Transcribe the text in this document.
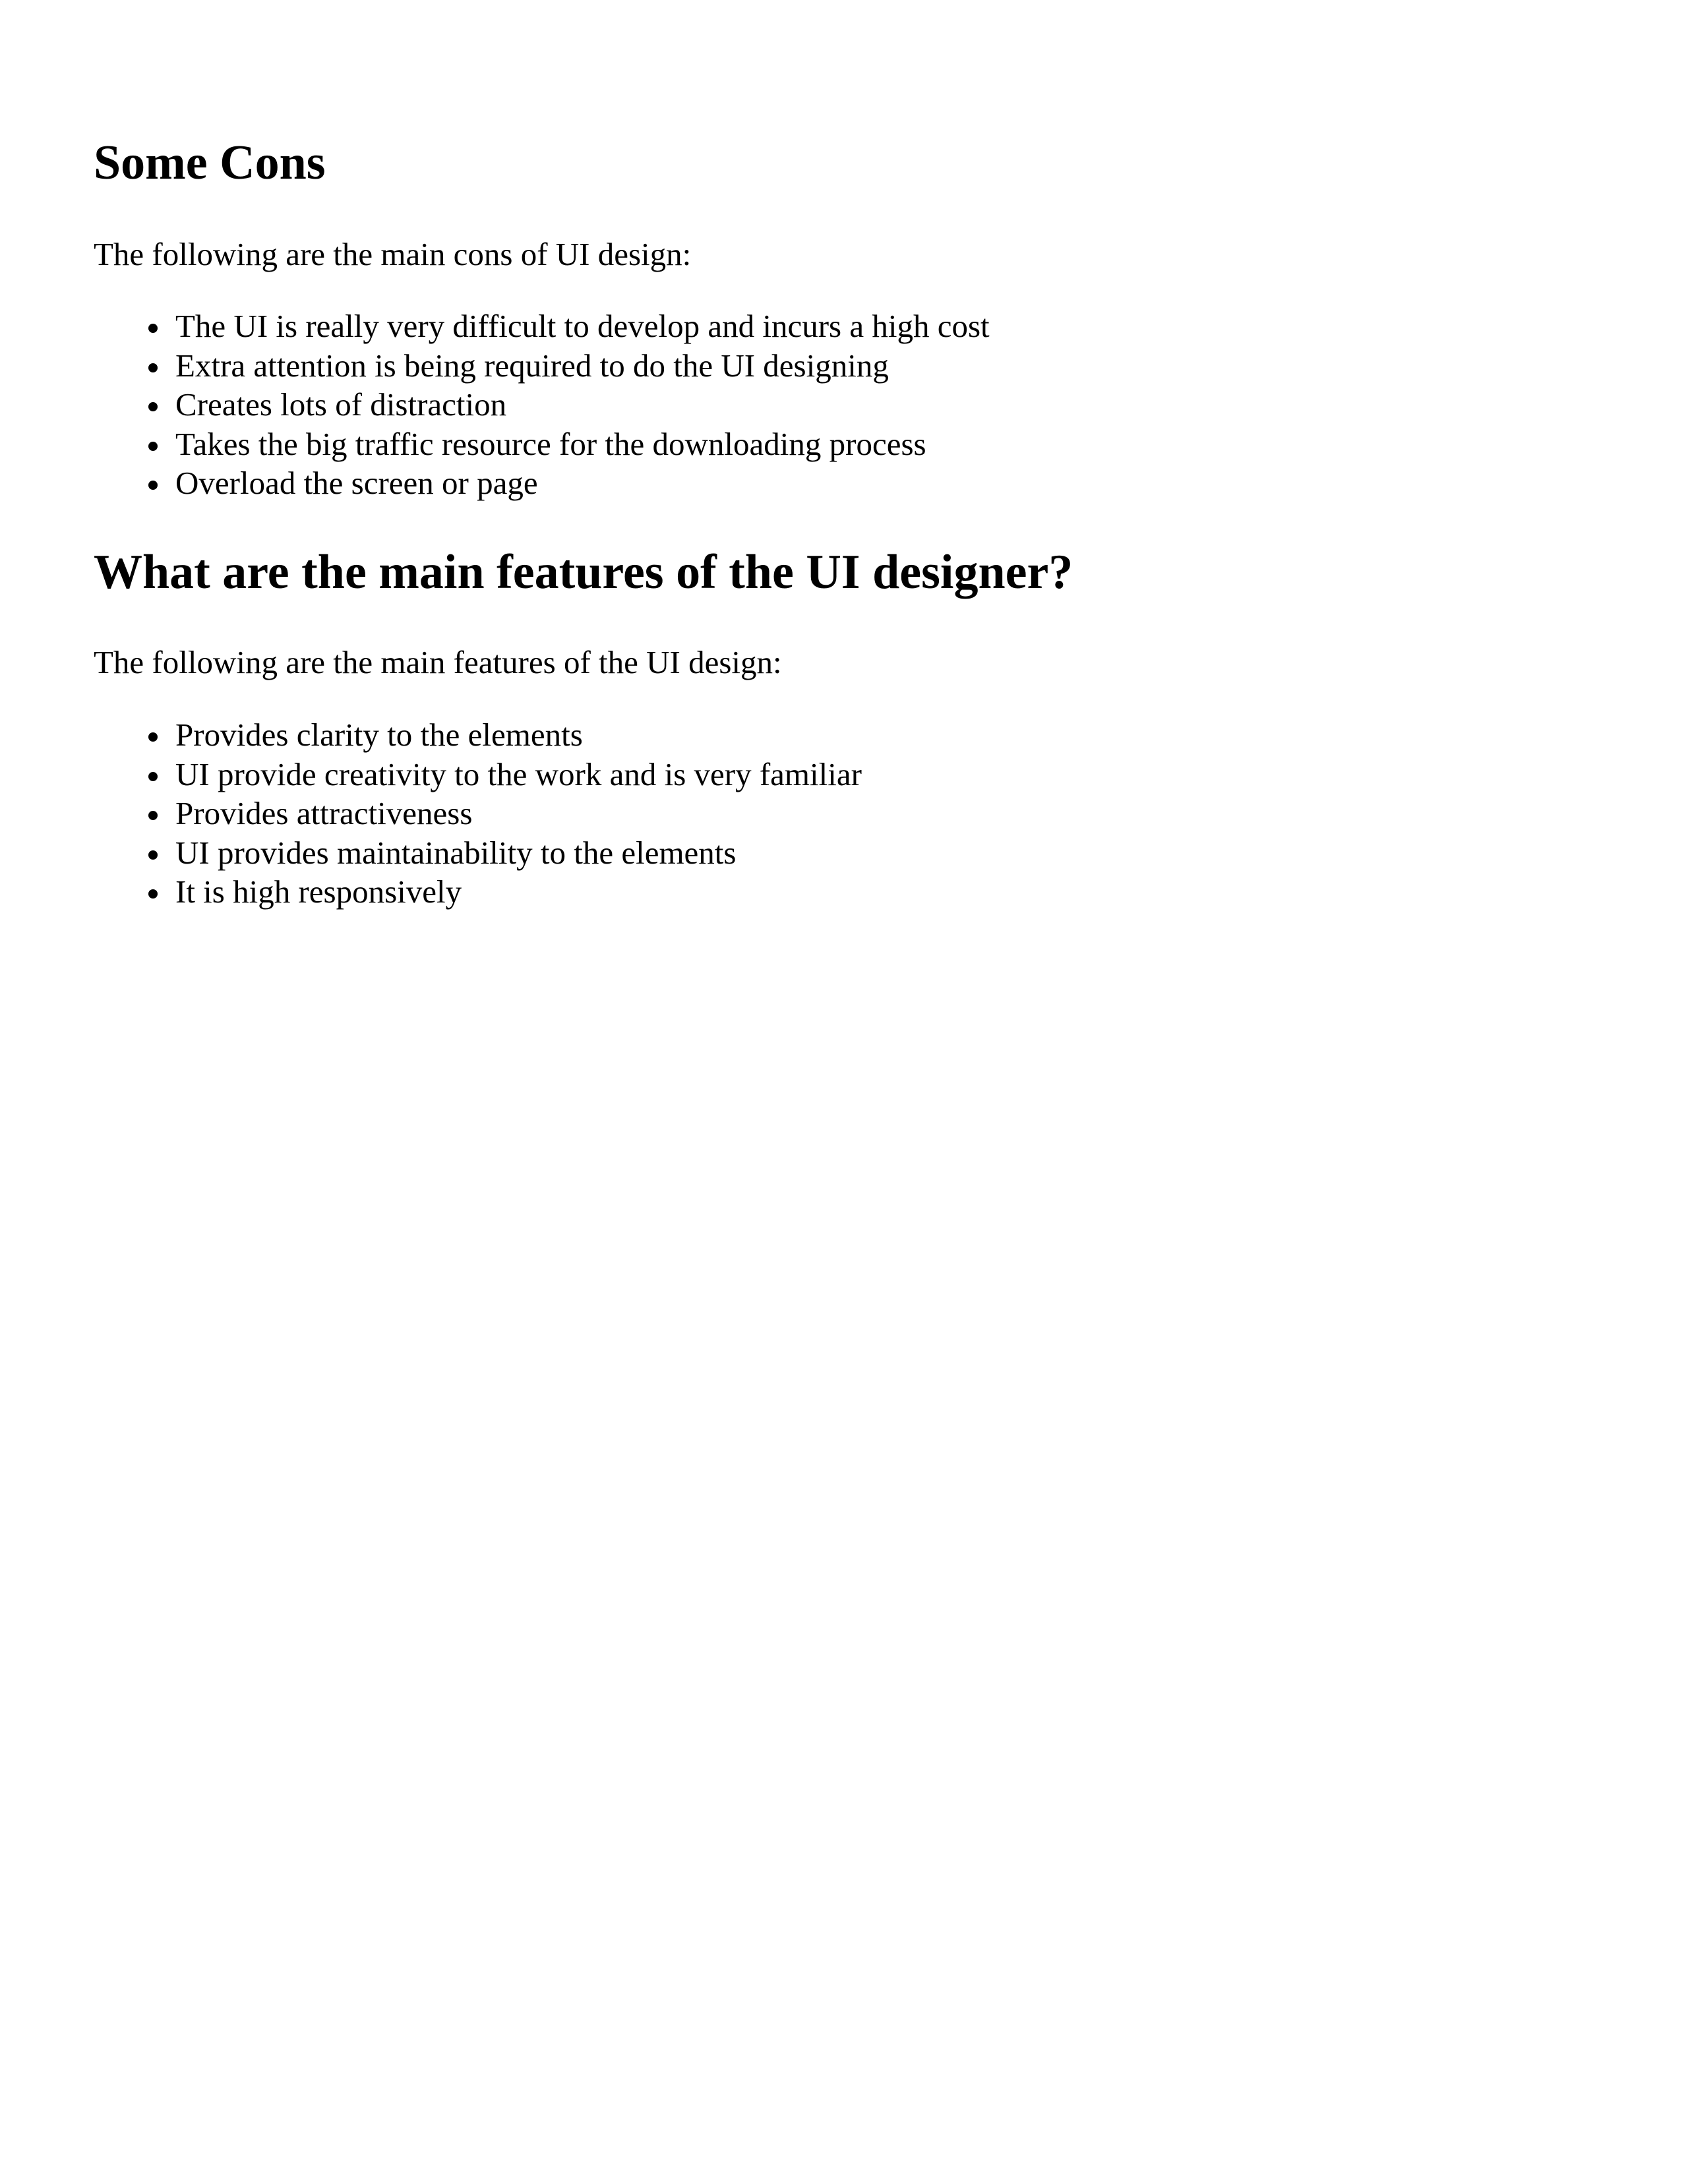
Some Cons

The following are the main cons of UI design:

The UI is really very difficult to develop and incurs a high cost
Extra attention is being required to do the UI designing
Creates lots of distraction
Takes the big traffic resource for the downloading process
Overload the screen or page
What are the main features of the UI designer?

The following are the main features of the UI design:

Provides clarity to the elements
UI provide creativity to the work and is very familiar
Provides attractiveness
UI provides maintainability to the elements
It is high responsively
